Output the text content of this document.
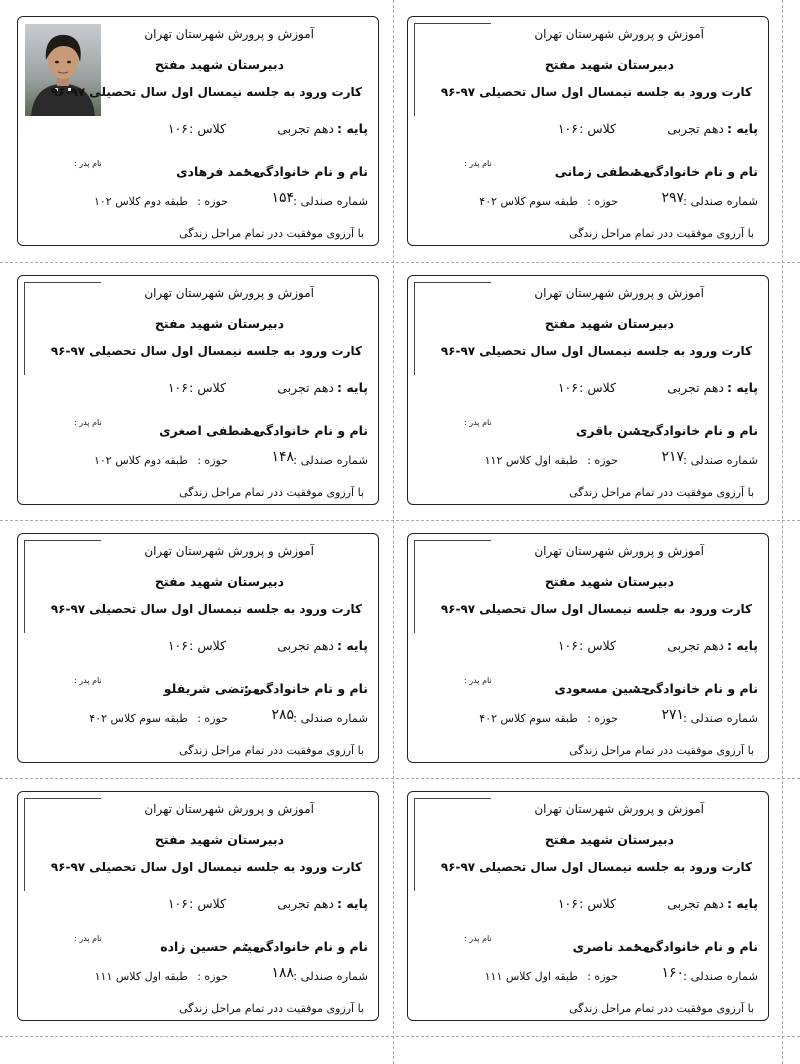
آموزش و پرورش شهرستان تهران
دبیرستان شهید مفتح
کارت ورود به جلسه نیمسال اول سال تحصیلی ۹۷-۹۶
پایه :
دهم تجربی
کلاس :
۱۰۶
نام و نام خانوادگی :
مصطفی زمانی
نام پدر :
شماره صندلی :
۲۹۷
حوزه :
طبقه سوم کلاس ۴۰۲
با آرزوی موفقیت ددر تمام مراحل زندگی
آموزش و پرورش شهرستان تهران
دبیرستان شهید مفتح
کارت ورود به جلسه نیمسال اول سال تحصیلی ۹۷-۹۶
پایه :
دهم تجربی
کلاس :
۱۰۶
نام و نام خانوادگی :
محمد فرهادی
نام پدر :
شماره صندلی :
۱۵۴
حوزه :
طبقه دوم کلاس ۱۰۲
با آرزوی موفقیت ددر تمام مراحل زندگی
آموزش و پرورش شهرستان تهران
دبیرستان شهید مفتح
کارت ورود به جلسه نیمسال اول سال تحصیلی ۹۷-۹۶
پایه :
دهم تجربی
کلاس :
۱۰۶
نام و نام خانوادگی :
حسن باقری
نام پدر :
شماره صندلی :
۲۱۷
حوزه :
طبقه اول کلاس ۱۱۲
با آرزوی موفقیت ددر تمام مراحل زندگی
آموزش و پرورش شهرستان تهران
دبیرستان شهید مفتح
کارت ورود به جلسه نیمسال اول سال تحصیلی ۹۷-۹۶
پایه :
دهم تجربی
کلاس :
۱۰۶
نام و نام خانوادگی :
مصطفی اصغری
نام پدر :
شماره صندلی :
۱۴۸
حوزه :
طبقه دوم کلاس ۱۰۲
با آرزوی موفقیت ددر تمام مراحل زندگی
آموزش و پرورش شهرستان تهران
دبیرستان شهید مفتح
کارت ورود به جلسه نیمسال اول سال تحصیلی ۹۷-۹۶
پایه :
دهم تجربی
کلاس :
۱۰۶
نام و نام خانوادگی :
حسین مسعودی
نام پدر :
شماره صندلی :
۲۷۱
حوزه :
طبقه سوم کلاس ۴۰۲
با آرزوی موفقیت ددر تمام مراحل زندگی
آموزش و پرورش شهرستان تهران
دبیرستان شهید مفتح
کارت ورود به جلسه نیمسال اول سال تحصیلی ۹۷-۹۶
پایه :
دهم تجربی
کلاس :
۱۰۶
نام و نام خانوادگی :
مرتضی شریفلو
نام پدر :
شماره صندلی :
۲۸۵
حوزه :
طبقه سوم کلاس ۴۰۲
با آرزوی موفقیت ددر تمام مراحل زندگی
آموزش و پرورش شهرستان تهران
دبیرستان شهید مفتح
کارت ورود به جلسه نیمسال اول سال تحصیلی ۹۷-۹۶
پایه :
دهم تجربی
کلاس :
۱۰۶
نام و نام خانوادگی :
محمد ناصری
نام پدر :
شماره صندلی :
۱۶۰
حوزه :
طبقه اول کلاس ۱۱۱
با آرزوی موفقیت ددر تمام مراحل زندگی
آموزش و پرورش شهرستان تهران
دبیرستان شهید مفتح
کارت ورود به جلسه نیمسال اول سال تحصیلی ۹۷-۹۶
پایه :
دهم تجربی
کلاس :
۱۰۶
نام و نام خانوادگی :
میثم حسین زاده
نام پدر :
شماره صندلی :
۱۸۸
حوزه :
طبقه اول کلاس ۱۱۱
با آرزوی موفقیت ددر تمام مراحل زندگی
